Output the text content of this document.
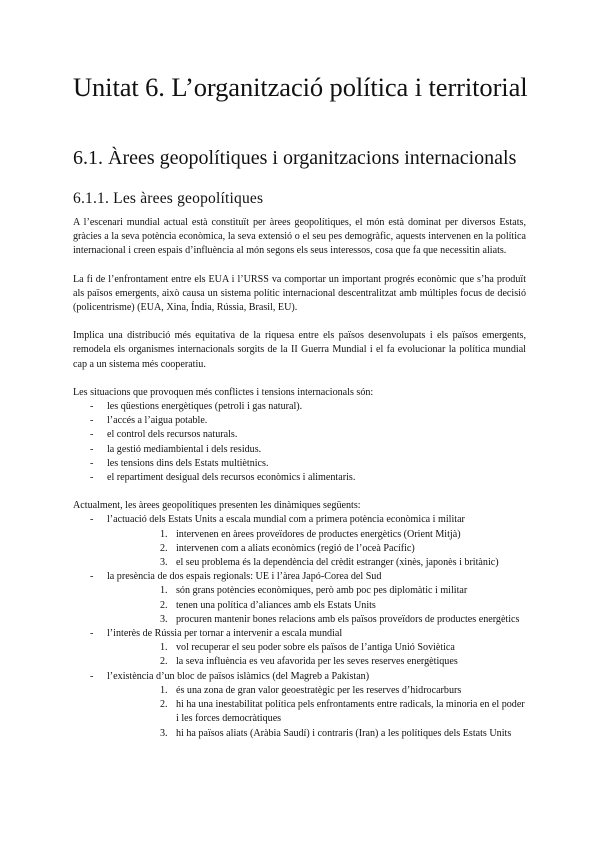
Unitat 6. L’organització política i territorial
6.1. Àrees geopolítiques i organitzacions internacionals
6.1.1. Les àrees geopolítiques

A l’escenari mundial actual està constituït per àrees geopolítiques, el món està dominat per diversos Estats, gràcies a la seva potència econòmica, la seva extensió o el seu pes demogràfic, aquests intervenen en la política internacional i creen espais d’influència al món segons els seus interessos, cosa que fa que necessitin aliats.

La fi de l’enfrontament entre els EUA i l’URSS va comportar un important progrés econòmic que s’ha produït als països emergents, això causa un sistema polític internacional descentralitzat amb múltiples focus de decisió (policentrisme) (EUA, Xina, Índia, Rússia, Brasil, EU).

Implica una distribució més equitativa de la riquesa entre els països desenvolupats i els països emergents, remodela els organismes internacionals sorgits de la II Guerra Mundial i el fa evolucionar la política mundial cap a un sistema més cooperatiu.

Les situacions que provoquen més conflictes i tensions internacionals són:

- les qüestions energètiques (petroli i gas natural).
- l’accés a l’aigua potable.
- el control dels recursos naturals.
- la gestió mediambiental i dels residus.
- les tensions dins dels Estats multiètnics.
- el repartiment desigual dels recursos econòmics i alimentaris.

Actualment, les àrees geopolítiques presenten les dinàmiques següents:

- l’actuació dels Estats Units a escala mundial com a primera potència econòmica i militar
1. intervenen en àrees proveïdores de productes energètics (Orient Mitjà)
2. intervenen com a aliats econòmics (regió de l’oceà Pacífic)
3. el seu problema és la dependència del crèdit estranger (xinès, japonès i britànic)
- la presència de dos espais regionals: UE i l’àrea Japó-Corea del Sud
1. són grans potències econòmiques, però amb poc pes diplomàtic i militar
2. tenen una política d’aliances amb els Estats Units
3. procuren mantenir bones relacions amb els països proveïdors de productes energètics
- l’interès de Rússia per tornar a intervenir a escala mundial
1. vol recuperar el seu poder sobre els països de l’antiga Unió Soviètica
2. la seva influència es veu afavorida per les seves reserves energètiques
- l’existència d’un bloc de països islàmics (del Magreb a Pakistan)
1. és una zona de gran valor geoestratègic per les reserves d’hidrocarburs
2. hi ha una inestabilitat política pels enfrontaments entre radicals, la minoria en el poder i les forces democràtiques
3. hi ha països aliats (Aràbia Saudí) i contraris (Iran) a les polítiques dels Estats Units
